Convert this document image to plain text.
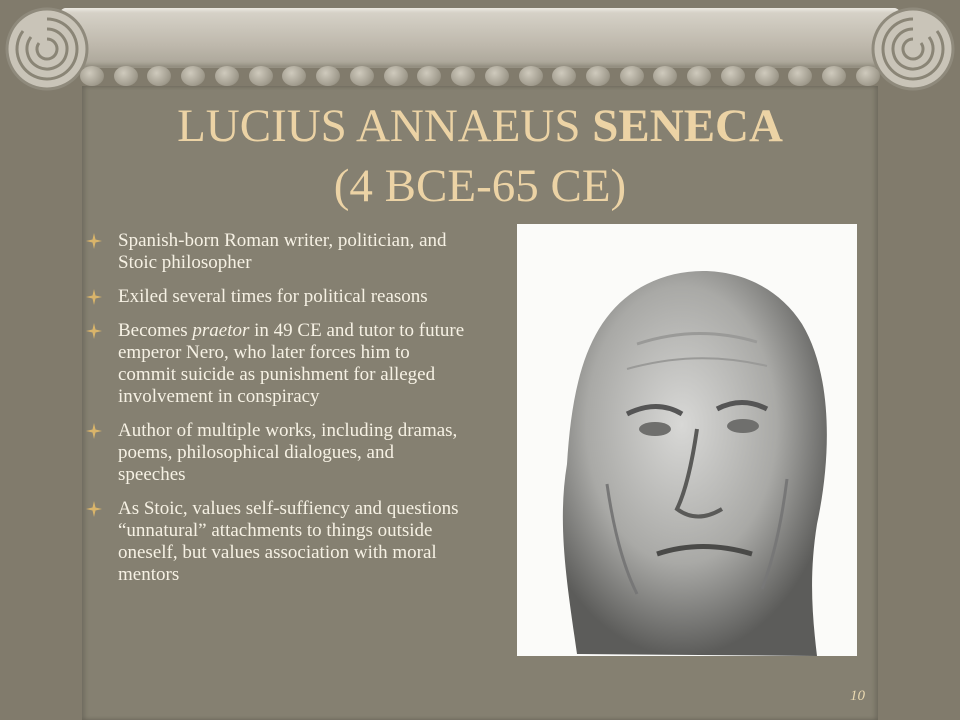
LUCIUS ANNAEUS SENECA
(4 BCE-65 CE)
Spanish-born Roman writer, politician, and Stoic philosopher
Exiled several times for political reasons
Becomes praetor in 49 CE and tutor to future emperor Nero, who later forces him to commit suicide as punishment for alleged involvement in conspiracy
Author of multiple works, including dramas, poems, philosophical dialogues, and speeches
As Stoic, values self-suffiency and questions “unnatural” attachments to things outside oneself, but values association with moral mentors
10
